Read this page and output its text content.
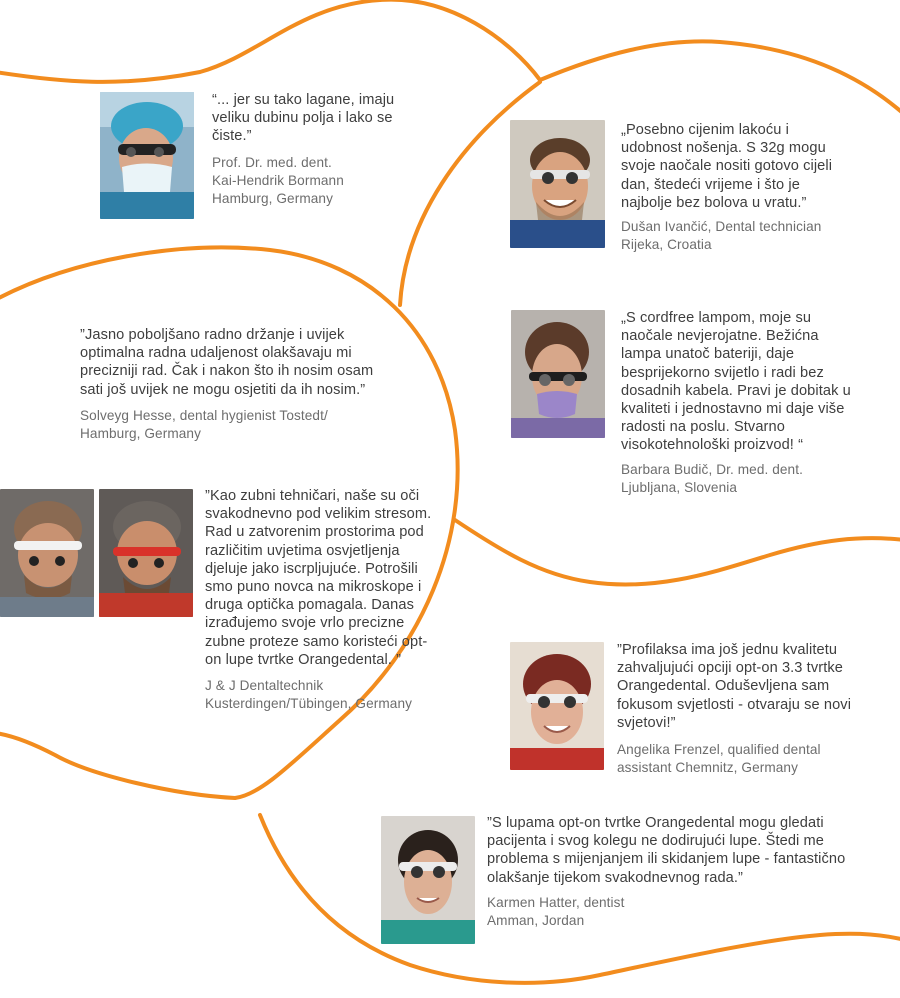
“... jer su tako lagane, imaju veliku dubinu polja i lako se čiste.”

Prof. Dr. med. dent.
Kai-Hendrik Bormann
Hamburg, Germany

„Posebno cijenim lakoću i udobnost nošenja. S 32g mogu svoje naočale nositi gotovo cijeli dan, štedeći vrijeme i što je najbolje bez bolova u vratu.”

Dušan Ivančić, Dental technician
Rijeka, Croatia

”Jasno poboljšano radno držanje i uvijek optimalna radna udaljenost olakšavaju mi precizniji rad. Čak i nakon što ih nosim osam sati još uvijek ne mogu osjetiti da ih nosim.”

Solveyg Hesse, dental hygienist Tostedt/
Hamburg, Germany

„S cordfree lampom, moje su naočale nevjerojatne. Bežićna lampa unatoč bateriji, daje besprijekorno svijetlo i radi bez dosadnih kabela. Pravi je dobitak u kvaliteti i jednostavno mi daje više radosti na poslu. Stvarno visokotehnološki proizvod! “

Barbara Budič, Dr. med. dent.
Ljubljana, Slovenia

”Kao zubni tehničari, naše su oči svakodnevno pod velikim stresom. Rad u zatvorenim prostorima pod različitim uvjetima osvjetljenja djeluje jako iscrpljujuće. Potrošili smo puno novca na mikroskope i druga optička pomagala. Danas izrađujemo svoje vrlo precizne zubne proteze samo koristeći opt-on lupe tvrtke Orangedental. ”

J & J Dentaltechnik
Kusterdingen/Tübingen, Germany

”Profilaksa ima još jednu kvalitetu zahvaljujući opciji opt-on 3.3 tvrtke Orangedental. Oduševljena sam fokusom svjetlosti - otvaraju se novi svjetovi!”

Angelika Frenzel, qualified dental
assistant Chemnitz, Germany

”S lupama opt-on tvrtke Orangedental mogu gledati pacijenta i svog kolegu ne dodirujući lupe. Štedi me problema s mijenjanjem ili skidanjem lupe - fantastično olakšanje tijekom svakodnevnog rada.”

Karmen Hatter, dentist
Amman, Jordan
